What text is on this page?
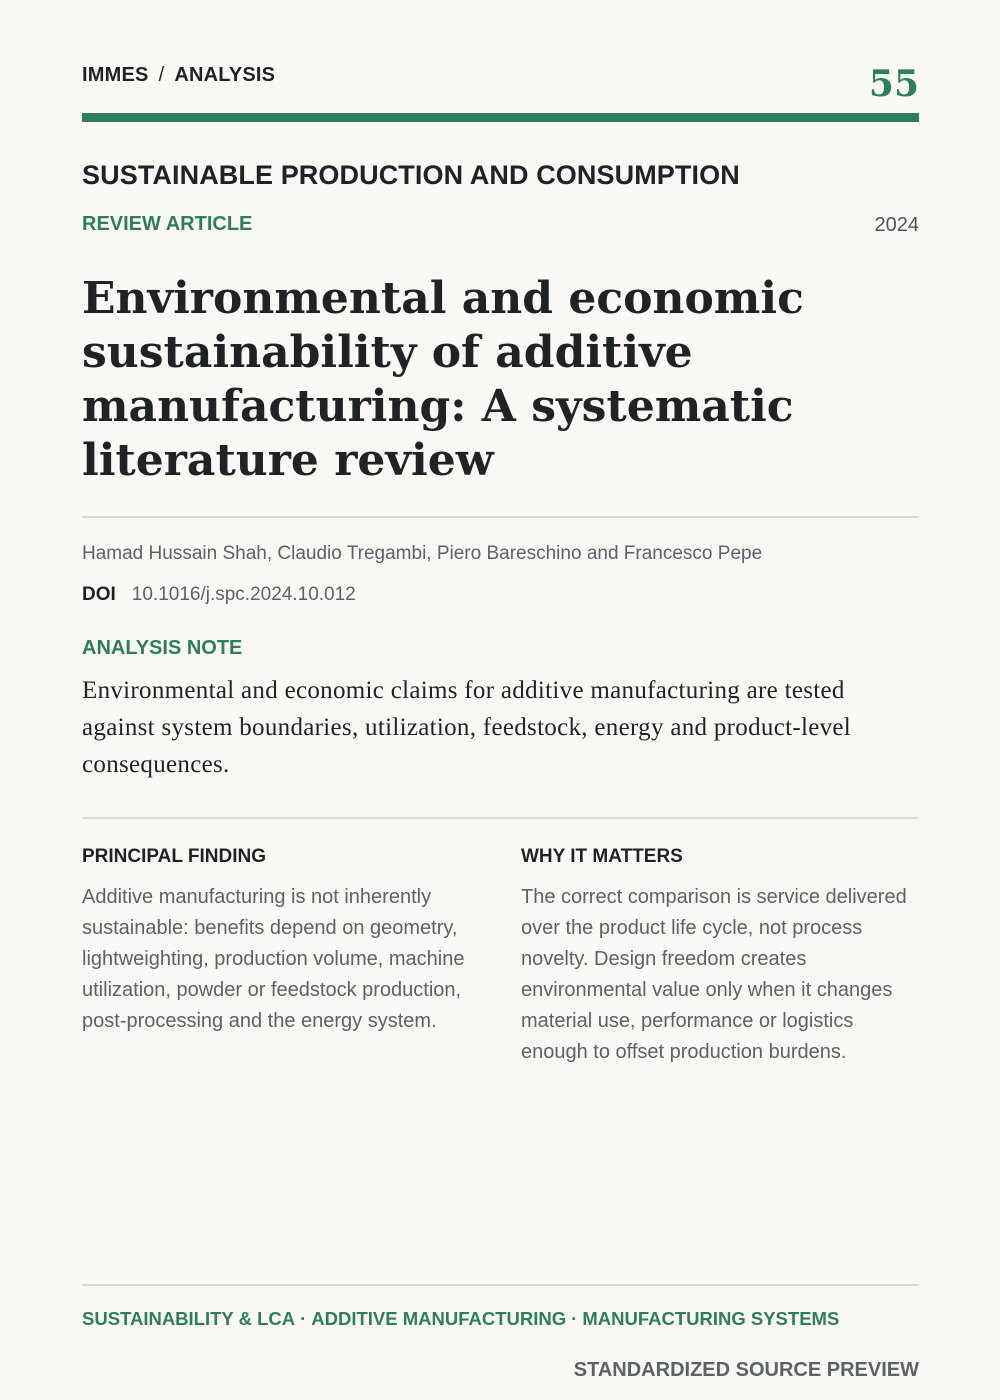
IMMES / ANALYSIS	55
SUSTAINABLE PRODUCTION AND CONSUMPTION
REVIEW ARTICLE	2024
Environmental and economic sustainability of additive manufacturing: A systematic literature review
Hamad Hussain Shah, Claudio Tregambi, Piero Bareschino and Francesco Pepe
DOI 10.1016/j.spc.2024.10.012
ANALYSIS NOTE

Environmental and economic claims for additive manufacturing are tested against system boundaries, utilization, feedstock, energy and product-level consequences.

PRINCIPAL FINDING

Additive manufacturing is not inherently sustainable: benefits depend on geometry, lightweighting, production volume, machine utilization, powder or feedstock production, post-processing and the energy system.

WHY IT MATTERS

The correct comparison is service delivered over the product life cycle, not process novelty. Design freedom creates environmental value only when it changes material use, performance or logistics enough to offset production burdens.

SUSTAINABILITY & LCA · ADDITIVE MANUFACTURING · MANUFACTURING SYSTEMS
STANDARDIZED SOURCE PREVIEW
